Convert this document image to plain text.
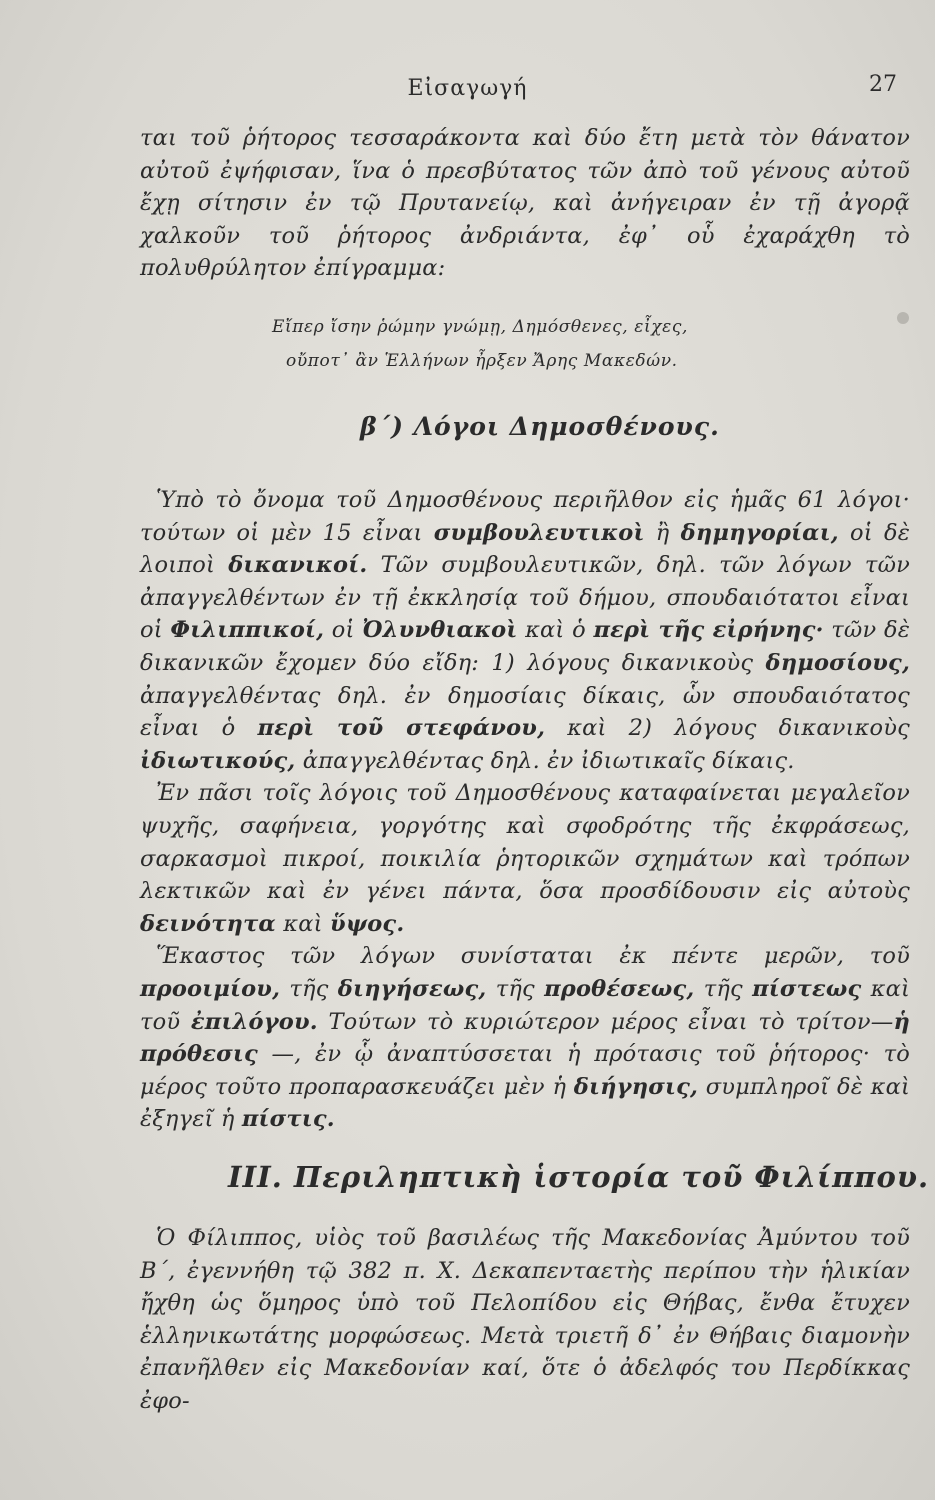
Εἰσαγωγή	27

ται τοῦ ῥήτορος τεσσαράκοντα καὶ δύο ἔτη μετὰ τὸν θάνατον αὐτοῦ ἐψήφισαν, ἵνα ὁ πρεσβύτατος τῶν ἀπὸ τοῦ γένους αὐτοῦ ἔχῃ σίτησιν ἐν τῷ Πρυτανείῳ, καὶ ἀνήγειραν ἐν τῇ ἀγορᾷ χαλκοῦν τοῦ ῥήτορος ἀνδριάντα, ἐφ᾽ οὗ ἐχαράχθη τὸ πολυθρύλητον ἐπίγραμμα:

Εἴπερ ἴσην ῥώμην γνώμῃ, Δημόσθενες, εἶχες,
οὔποτ᾽ ἂν Ἑλλήνων ἦρξεν Ἄρης Μακεδών.
β΄) Λόγοι Δημοσθένους.

Ὑπὸ τὸ ὄνομα τοῦ Δημοσθένους περιῆλθον εἰς ἡμᾶς 61 λόγοι· τούτων οἱ μὲν 15 εἶναι συμβουλευτικοὶ ἢ δημηγορίαι, οἱ δὲ λοιποὶ δικανικοί. Τῶν συμβουλευτικῶν, δηλ. τῶν λόγων τῶν ἀπαγγελθέντων ἐν τῇ ἐκκλησίᾳ τοῦ δήμου, σπουδαιότατοι εἶναι οἱ Φιλιππικοί, οἱ Ὀλυνθιακοὶ καὶ ὁ περὶ τῆς εἰρήνης· τῶν δὲ δικανικῶν ἔχομεν δύο εἴδη: 1) λόγους δικανικοὺς δημοσίους, ἀπαγγελθέντας δηλ. ἐν δημοσίαις δίκαις, ὧν σπουδαιότατος εἶναι ὁ περὶ τοῦ στεφάνου, καὶ 2) λόγους δικανικοὺς ἰδιωτικούς, ἀπαγγελθέντας δηλ. ἐν ἰδιωτικαῖς δίκαις.

Ἐν πᾶσι τοῖς λόγοις τοῦ Δημοσθένους καταφαίνεται μεγαλεῖον ψυχῆς, σαφήνεια, γοργότης καὶ σφοδρότης τῆς ἐκφράσεως, σαρκασμοὶ πικροί, ποικιλία ῥητορικῶν σχημάτων καὶ τρόπων λεκτικῶν καὶ ἐν γένει πάντα, ὅσα προσδίδουσιν εἰς αὐτοὺς δεινότητα καὶ ὕψος.

Ἕκαστος τῶν λόγων συνίσταται ἐκ πέντε μερῶν, τοῦ προοιμίου, τῆς διηγήσεως, τῆς προθέσεως, τῆς πίστεως καὶ τοῦ ἐπιλόγου. Τούτων τὸ κυριώτερον μέρος εἶναι τὸ τρίτον—ἡ πρόθεσις —, ἐν ᾧ ἀναπτύσσεται ἡ πρότασις τοῦ ῥήτορος· τὸ μέρος τοῦτο προπαρασκευάζει μὲν ἡ διήγησις, συμπληροῖ δὲ καὶ ἐξηγεῖ ἡ πίστις.

III. Περιληπτικὴ ἱστορία τοῦ Φιλίππου.

Ὁ Φίλιππος, υἱὸς τοῦ βασιλέως τῆς Μακεδονίας Ἀμύντου τοῦ Β΄, ἐγεννήθη τῷ 382 π. Χ. Δεκαπενταετὴς περίπου τὴν ἡλικίαν ἤχθη ὡς ὅμηρος ὑπὸ τοῦ Πελοπίδου εἰς Θήβας, ἔνθα ἔτυχεν ἑλληνικωτάτης μορφώσεως. Μετὰ τριετῆ δ᾽ ἐν Θήβαις διαμονὴν ἐπανῆλθεν εἰς Μακεδονίαν καί, ὅτε ὁ ἀδελφός του Περδίκκας ἐφο-
